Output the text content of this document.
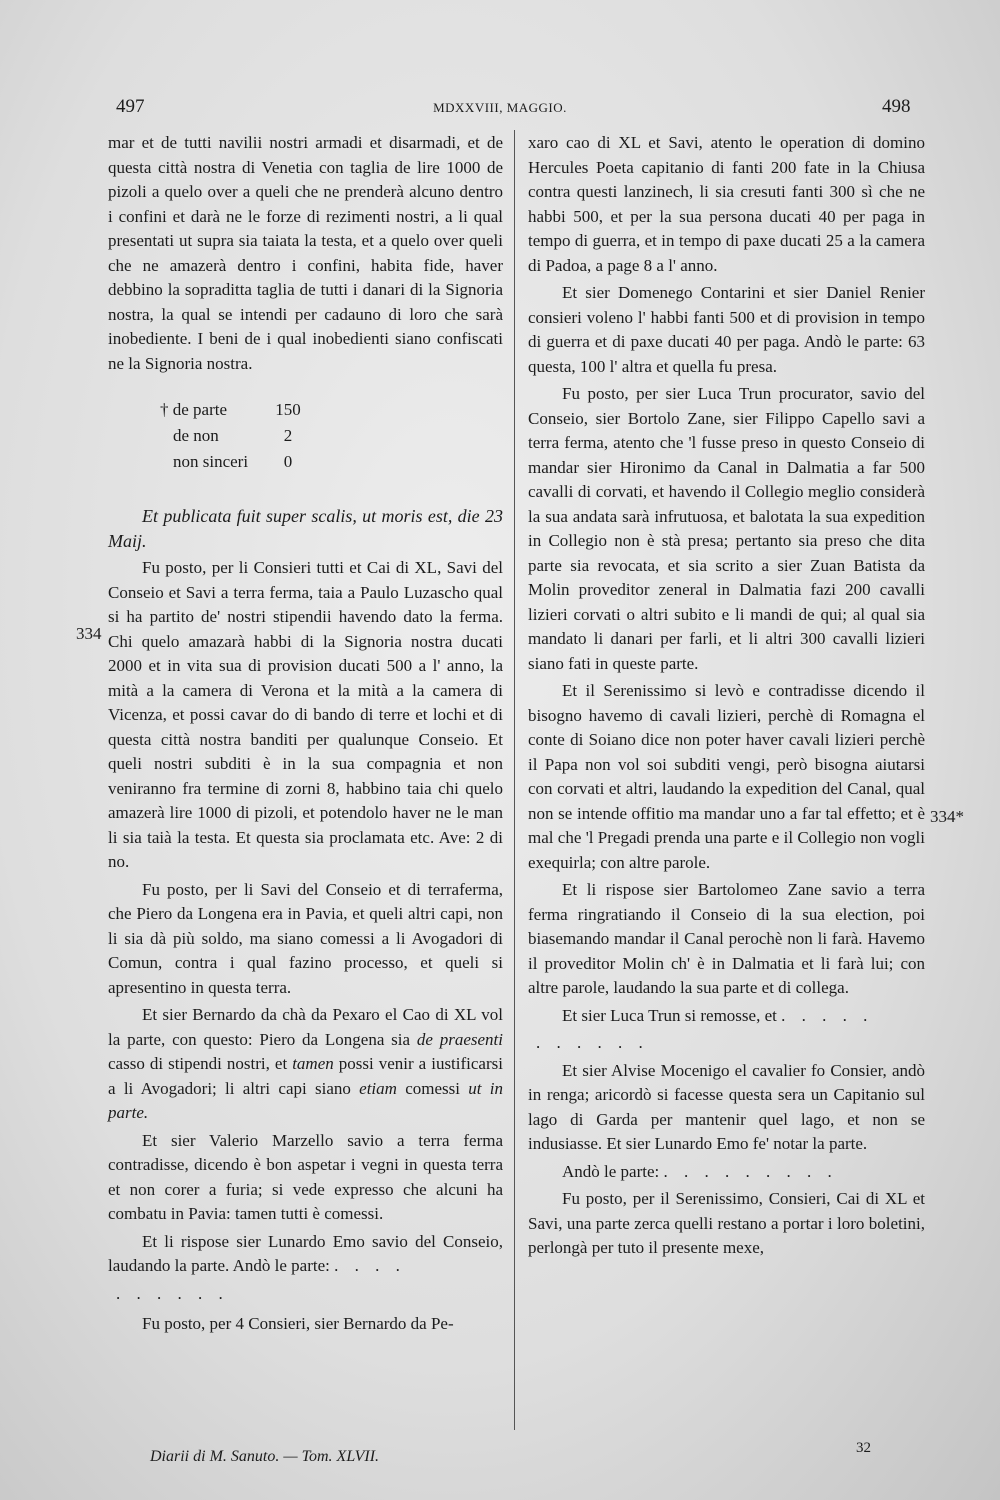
497	MDXXVIII, MAGGIO.	498
334
334*

mar et de tutti navilii nostri armadi et disarmadi, et de questa città nostra di Venetia con taglia de lire 1000 de pizoli a quelo over a queli che ne prenderà alcuno dentro i confini et darà ne le forze di rezimenti nostri, a li qual presentati ut supra sia taiata la testa, et a quelo over queli che ne amazerà dentro i confini, habita fide, haver debbino la sopraditta taglia de tutti i danari di la Signoria nostra, la qual se intendi per cadauno di loro che sarà inobediente. I beni de i qual inobedienti siano confiscati ne la Signoria nostra.

† de parte	150
de non	2
non sinceri	0

Et publicata fuit super scalis, ut moris est, die 23 Maij.

Fu posto, per li Consieri tutti et Cai di XL, Savi del Conseio et Savi a terra ferma, taia a Paulo Luzascho qual si ha partito de' nostri stipendii havendo dato la ferma. Chi quelo amazarà habbi di la Signoria nostra ducati 2000 et in vita sua di provision ducati 500 a l' anno, la mità a la camera di Verona et la mità a la camera di Vicenza, et possi cavar do di bando di terre et lochi et di questa città nostra banditi per qualunque Conseio. Et queli nostri subditi è in la sua compagnia et non veniranno fra termine di zorni 8, habbino taia chi quelo amazerà lire 1000 di pizoli, et potendolo haver ne le man li sia taià la testa. Et questa sia proclamata etc. Ave: 2 di no.

Fu posto, per li Savi del Conseio et di terraferma, che Piero da Longena era in Pavia, et queli altri capi, non li sia dà più soldo, ma siano comessi a li Avogadori di Comun, contra i qual fazino processo, et queli si apresentino in questa terra.

Et sier Bernardo da chà da Pexaro el Cao di XL vol la parte, con questo: Piero da Longena sia de praesenti casso di stipendi nostri, et tamen possi venir a iustificarsi a li Avogadori; li altri capi siano etiam comessi ut in parte.

Et sier Valerio Marzello savio a terra ferma contradisse, dicendo è bon aspetar i vegni in questa terra et non corer a furia; si vede expresso che alcuni ha combatu in Pavia: tamen tutti è comessi.

Et li rispose sier Lunardo Emo savio del Conseio, laudando la parte. Andò le parte: . . . .

. . . . . .

Fu posto, per 4 Consieri, sier Bernardo da Pe-

xaro cao di XL et Savi, atento le operation di domino Hercules Poeta capitanio di fanti 200 fate in la Chiusa contra questi lanzinech, li sia cresuti fanti 300 sì che ne habbi 500, et per la sua persona ducati 40 per paga in tempo di guerra, et in tempo di paxe ducati 25 a la camera di Padoa, a page 8 a l' anno.

Et sier Domenego Contarini et sier Daniel Renier consieri voleno l' habbi fanti 500 et di provision in tempo di guerra et di paxe ducati 40 per paga. Andò le parte: 63 questa, 100 l' altra et quella fu presa.

Fu posto, per sier Luca Trun procurator, savio del Conseio, sier Bortolo Zane, sier Filippo Capello savi a terra ferma, atento che 'l fusse preso in questo Conseio di mandar sier Hironimo da Canal in Dalmatia a far 500 cavalli di corvati, et havendo il Collegio meglio considerà la sua andata sarà infrutuosa, et balotata la sua expedition in Collegio non è stà presa; pertanto sia preso che dita parte sia revocata, et sia scrito a sier Zuan Batista da Molin proveditor zeneral in Dalmatia fazi 200 cavalli lizieri corvati o altri subito e li mandi de qui; al qual sia mandato li danari per farli, et li altri 300 cavalli lizieri siano fati in queste parte.

Et il Serenissimo si levò e contradisse dicendo il bisogno havemo di cavali lizieri, perchè di Romagna el conte di Soiano dice non poter haver cavali lizieri perchè il Papa non vol soi subditi vengi, però bisogna aiutarsi con corvati et altri, laudando la expedition del Canal, qual non se intende offitio ma mandar uno a far tal effetto; et è mal che 'l Pregadi prenda una parte e il Collegio non vogli exequirla; con altre parole.

Et li rispose sier Bartolomeo Zane savio a terra ferma ringratiando il Conseio di la sua election, poi biasemando mandar il Canal perochè non li farà. Havemo il proveditor Molin ch' è in Dalmatia et li farà lui; con altre parole, laudando la sua parte et di collega.

Et sier Luca Trun si remosse, et . . . . .

. . . . . .

Et sier Alvise Mocenigo el cavalier fo Consier, andò in renga; aricordò si facesse questa sera un Capitanio sul lago di Garda per mantenir quel lago, et non se indusiasse. Et sier Lunardo Emo fe' notar la parte.

Andò le parte: . . . . . . . . .

Fu posto, per il Serenissimo, Consieri, Cai di XL et Savi, una parte zerca quelli restano a portar i loro boletini, perlongà per tuto il presente mexe,

Diarii di M. Sanuto. — Tom. XLVII.	32
